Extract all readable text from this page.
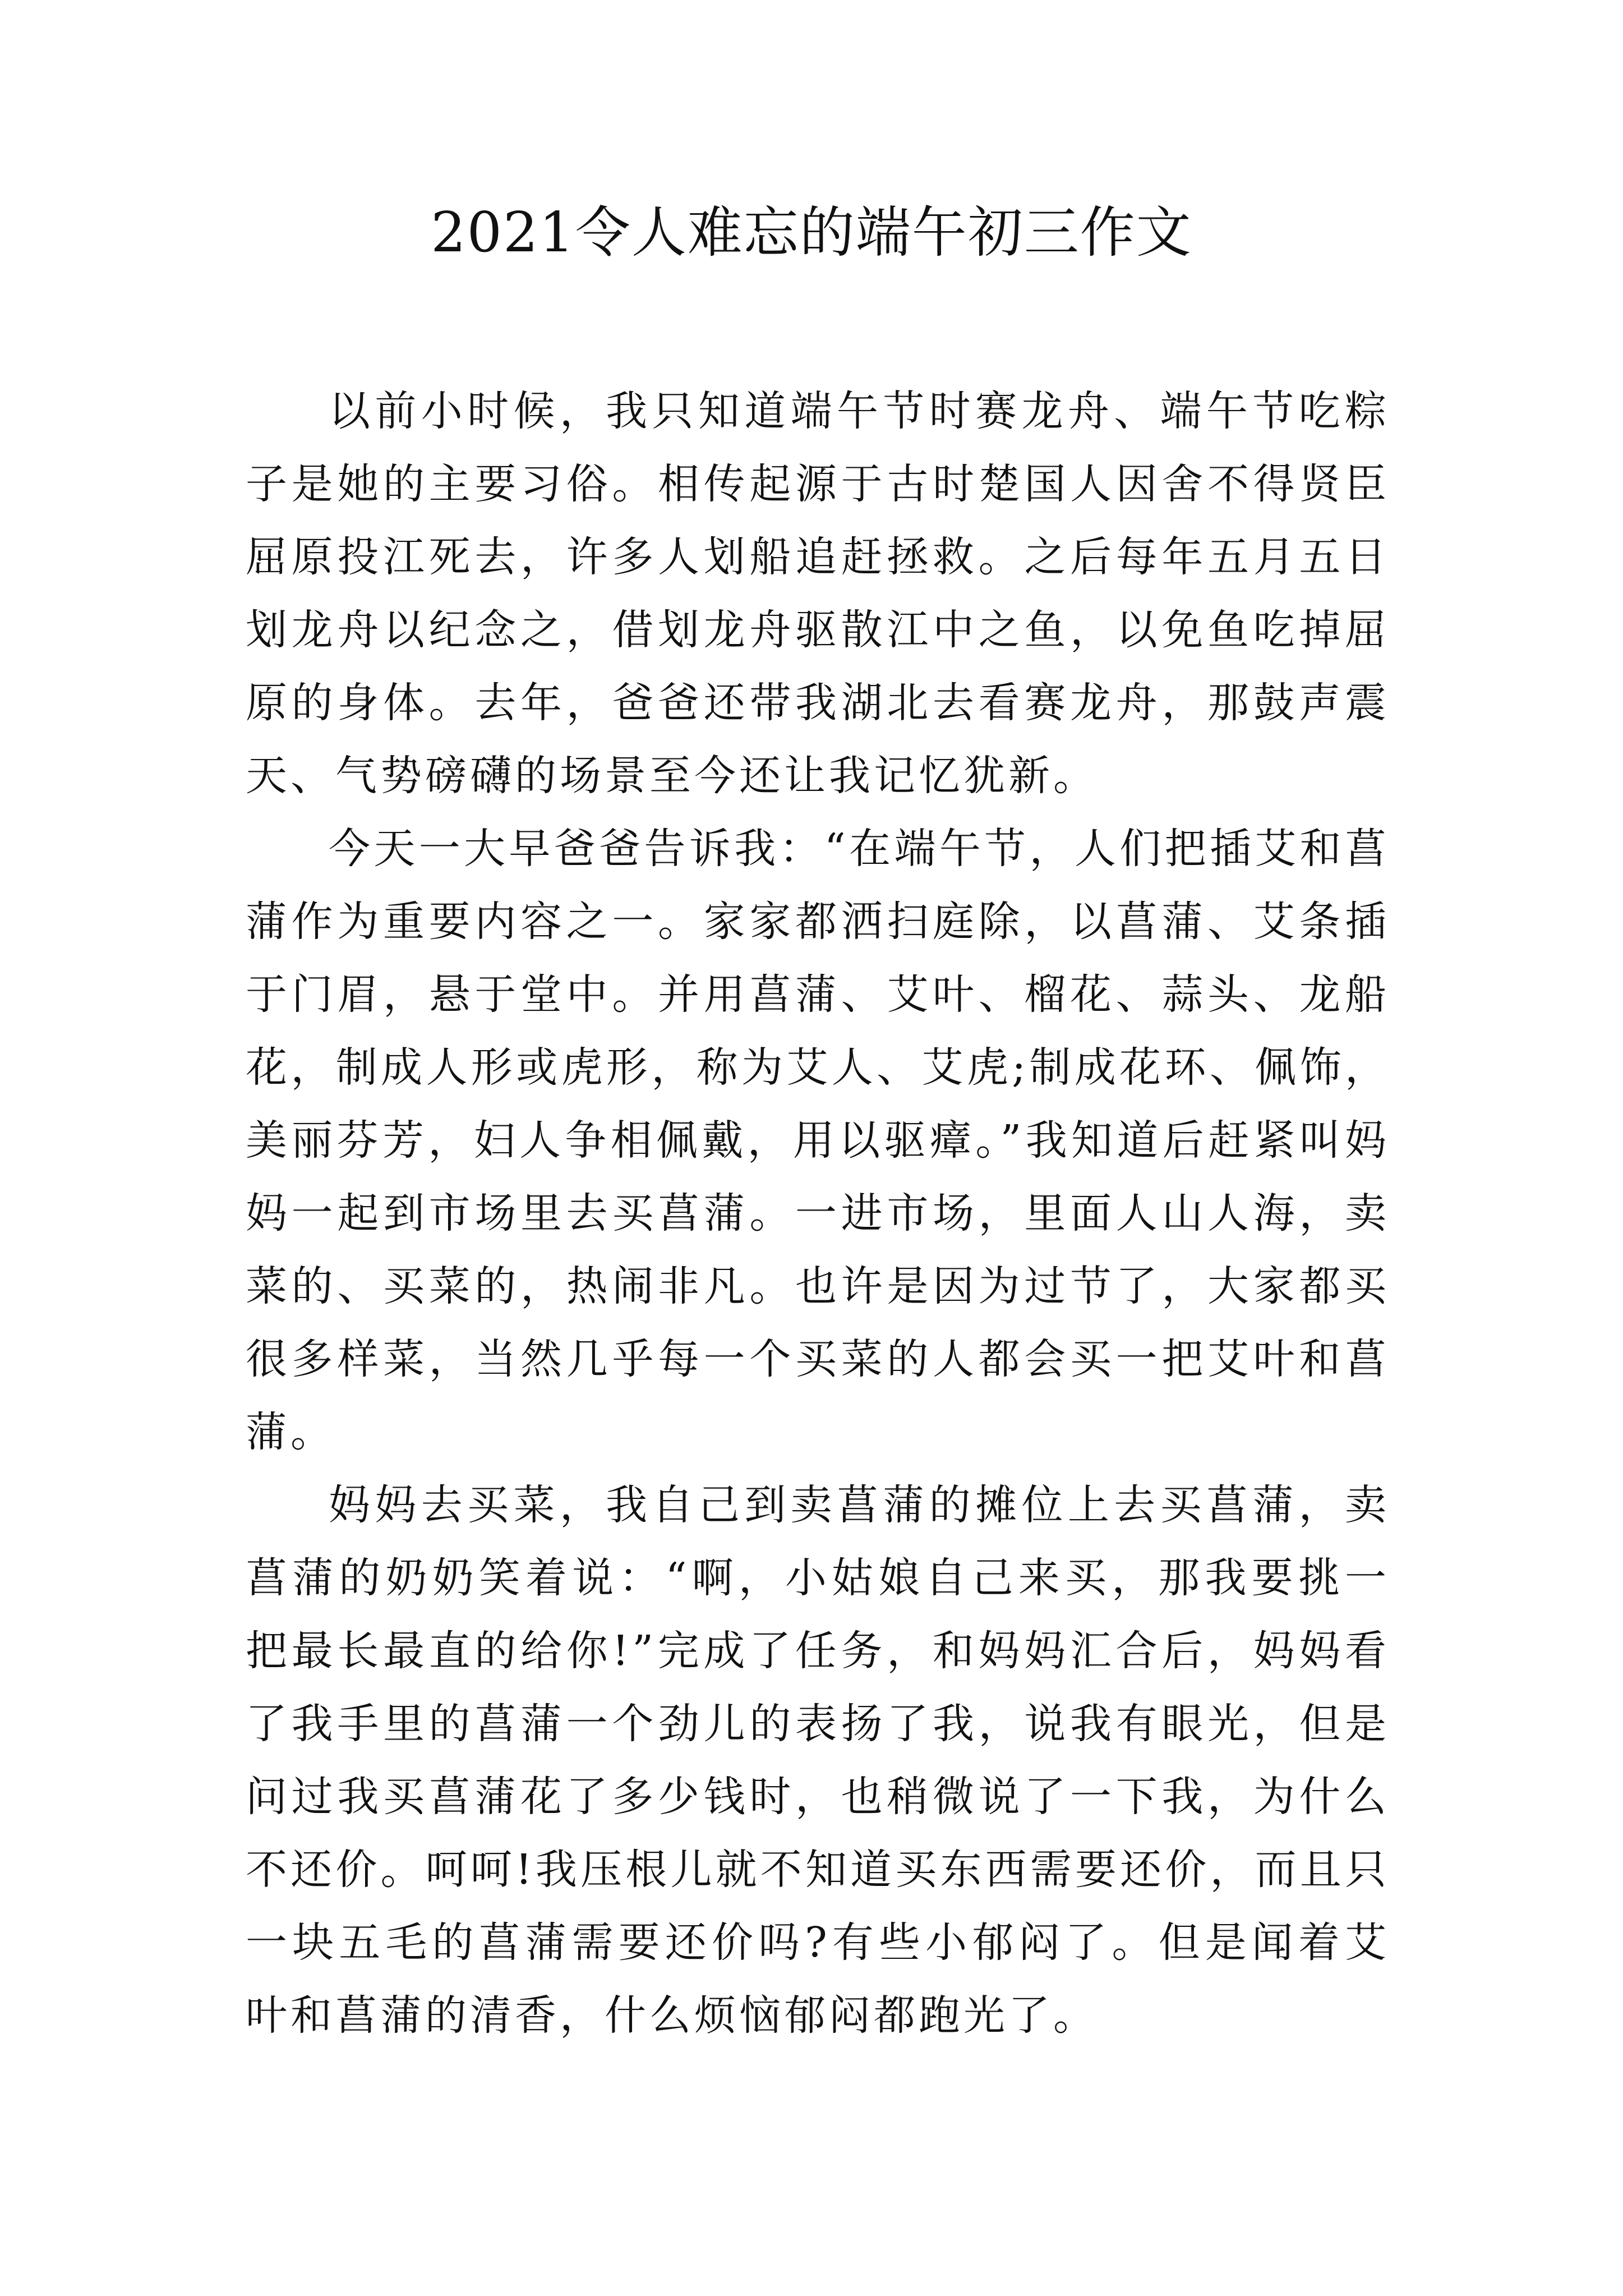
2021令人难忘的端午初三作文

以前小时候，我只知道端午节时赛龙舟、端午节吃粽子是她的主要习俗。相传起源于古时楚国人因舍不得贤臣屈原投江死去，许多人划船追赶拯救。之后每年五月五日划龙舟以纪念之，借划龙舟驱散江中之鱼，以免鱼吃掉屈原的身体。去年，爸爸还带我湖北去看赛龙舟，那鼓声震天、气势磅礴的场景至今还让我记忆犹新。

今天一大早爸爸告诉我：“在端午节，人们把插艾和菖蒲作为重要内容之一。家家都洒扫庭除，以菖蒲、艾条插于门眉，悬于堂中。并用菖蒲、艾叶、榴花、蒜头、龙船花，制成人形或虎形，称为艾人、艾虎;制成花环、佩饰，美丽芬芳，妇人争相佩戴，用以驱瘴。”我知道后赶紧叫妈妈一起到市场里去买菖蒲。一进市场，里面人山人海，卖菜的、买菜的，热闹非凡。也许是因为过节了，大家都买很多样菜，当然几乎每一个买菜的人都会买一把艾叶和菖蒲。

妈妈去买菜，我自己到卖菖蒲的摊位上去买菖蒲，卖菖蒲的奶奶笑着说：“啊，小姑娘自己来买，那我要挑一把最长最直的给你!”完成了任务，和妈妈汇合后，妈妈看了我手里的菖蒲一个劲儿的表扬了我，说我有眼光，但是问过我买菖蒲花了多少钱时，也稍微说了一下我，为什么不还价。呵呵!我压根儿就不知道买东西需要还价，而且只一块五毛的菖蒲需要还价吗?有些小郁闷了。但是闻着艾叶和菖蒲的清香，什么烦恼郁闷都跑光了。
